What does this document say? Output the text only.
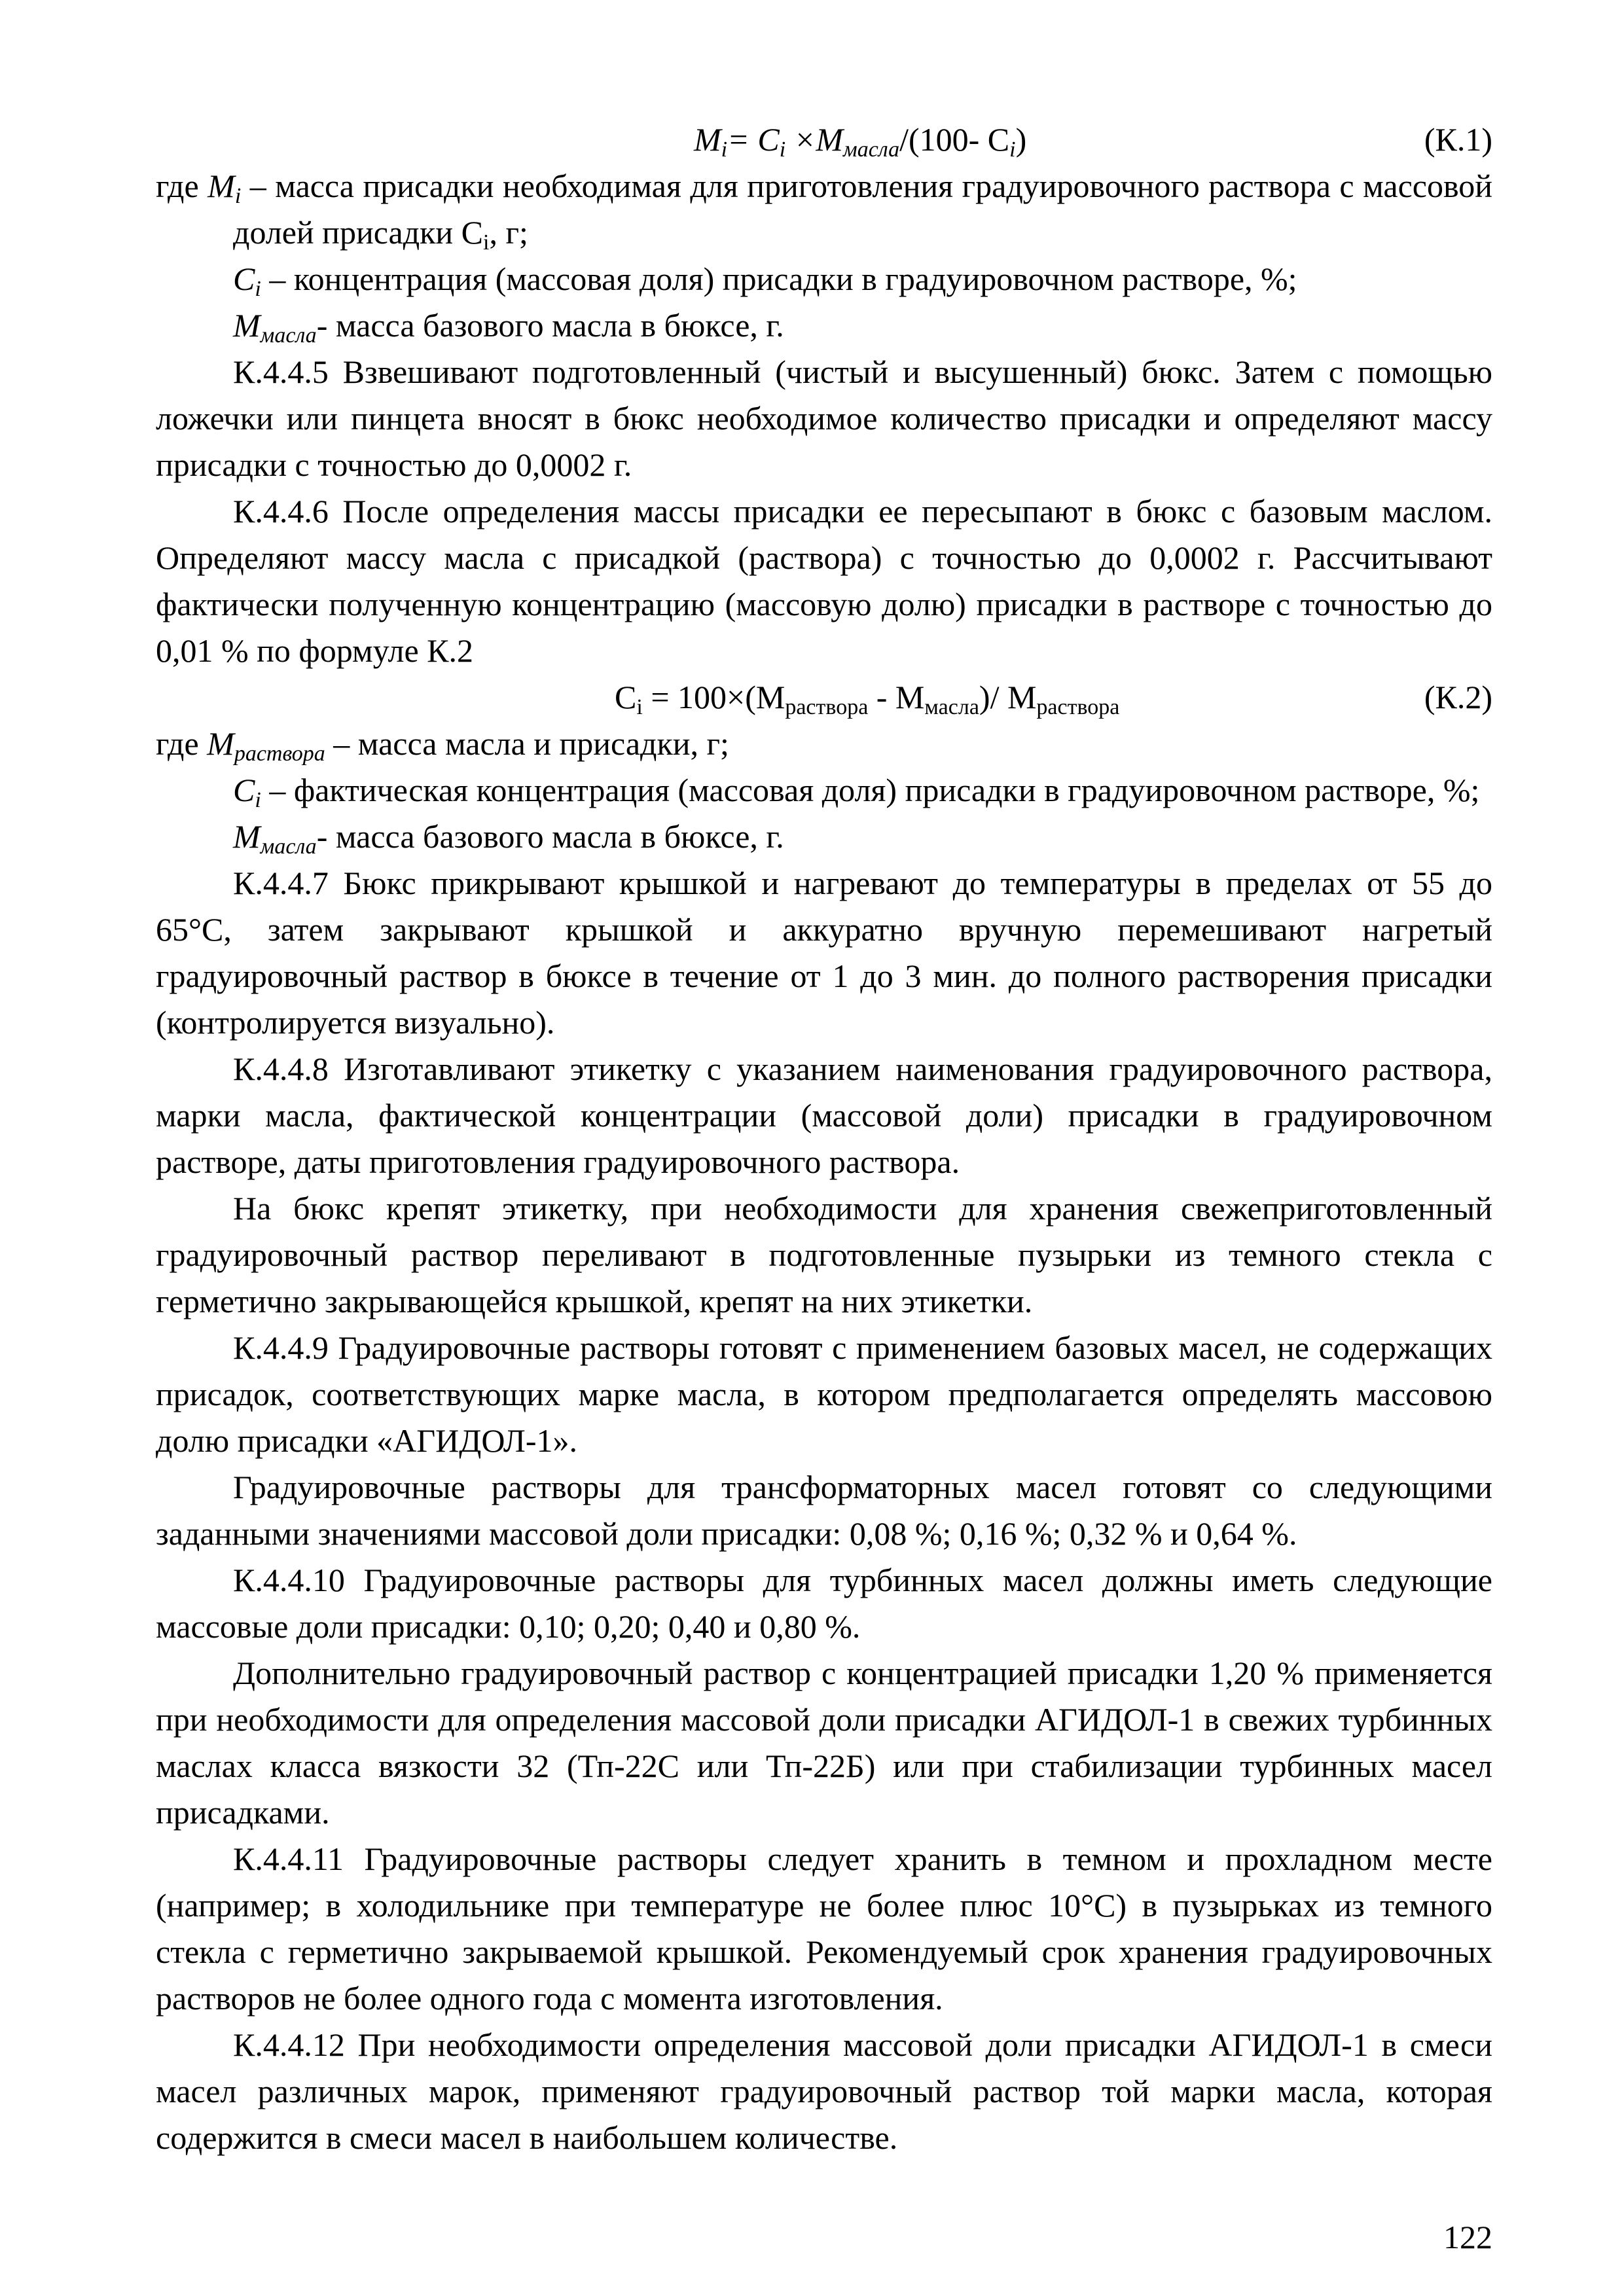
$M_i= C_i \times M_{масла}/(100-$ $C_i$)	(К.1)

где $M_i$ – масса присадки необходимая для приготовления градуировочного раствора с массовой долей присадки $C_i$, г;

$C_i$ – концентрация (массовая доля) присадки в градуировочном растворе, %;

$M_{масла}-$ масса базового масла в бюксе, г.

К.4.4.5 Взвешивают подготовленный (чистый и высушенный) бюкс. Затем с помощью ложечки или пинцета вносят в бюкс необходимое количество присадки и определяют массу присадки с точностью до 0,0002 г.

К.4.4.6 После определения массы присадки ее пересыпают в бюкс с базовым маслом. Определяют массу масла с присадкой (раствора) с точностью до 0,0002 г. Рассчитывают фактически полученную концентрацию (массовую долю) присадки в растворе с точностью до 0,01 % по формуле К.2

$C_i = 100\times(M_{раствора} - M_{масла})/$ $M_{раствора}$	(К.2)

где $M_{раствора}$ – масса масла и присадки, г;

$C_i$ – фактическая концентрация (массовая доля) присадки в градуировочном растворе, %;

$M_{масла}-$ масса базового масла в бюксе, г.

К.4.4.7 Бюкс прикрывают крышкой и нагревают до температуры в пределах от 55 до 65°С, затем закрывают крышкой и аккуратно вручную перемешивают нагретый градуировочный раствор в бюксе в течение от 1 до 3 мин. до полного растворения присадки (контролируется визуально).

К.4.4.8 Изготавливают этикетку с указанием наименования градуировочного раствора, марки масла, фактической концентрации (массовой доли) присадки в градуировочном растворе, даты приготовления градуировочного раствора.

На бюкс крепят этикетку, при необходимости для хранения свежеприготовленный градуировочный раствор переливают в подготовленные пузырьки из темного стекла с герметично закрывающейся крышкой, крепят на них этикетки.

К.4.4.9 Градуировочные растворы готовят с применением базовых масел, не содержащих присадок, соответствующих марке масла, в котором предполагается определять массовою долю присадки «АГИДОЛ-1».

Градуировочные растворы для трансформаторных масел готовят со следующими заданными значениями массовой доли присадки: 0,08 %; 0,16 %; 0,32 % и 0,64 %.

К.4.4.10 Градуировочные растворы для турбинных масел должны иметь следующие массовые доли присадки: 0,10; 0,20; 0,40 и 0,80 %.

Дополнительно градуировочный раствор с концентрацией присадки 1,20 % применяется при необходимости для определения массовой доли присадки АГИДОЛ-1 в свежих турбинных маслах класса вязкости 32 (Тп-22С или Тп-22Б) или при стабилизации турбинных масел присадками.

К.4.4.11 Градуировочные растворы следует хранить в темном и прохладном месте (например; в холодильнике при температуре не более плюс 10°С) в пузырьках из темного стекла с герметично закрываемой крышкой. Рекомендуемый срок хранения градуировочных растворов не более одного года с момента изготовления.

К.4.4.12 При необходимости определения массовой доли присадки АГИДОЛ-1 в смеси масел различных марок, применяют градуировочный раствор той марки масла, которая содержится в смеси масел в наибольшем количестве.

122
